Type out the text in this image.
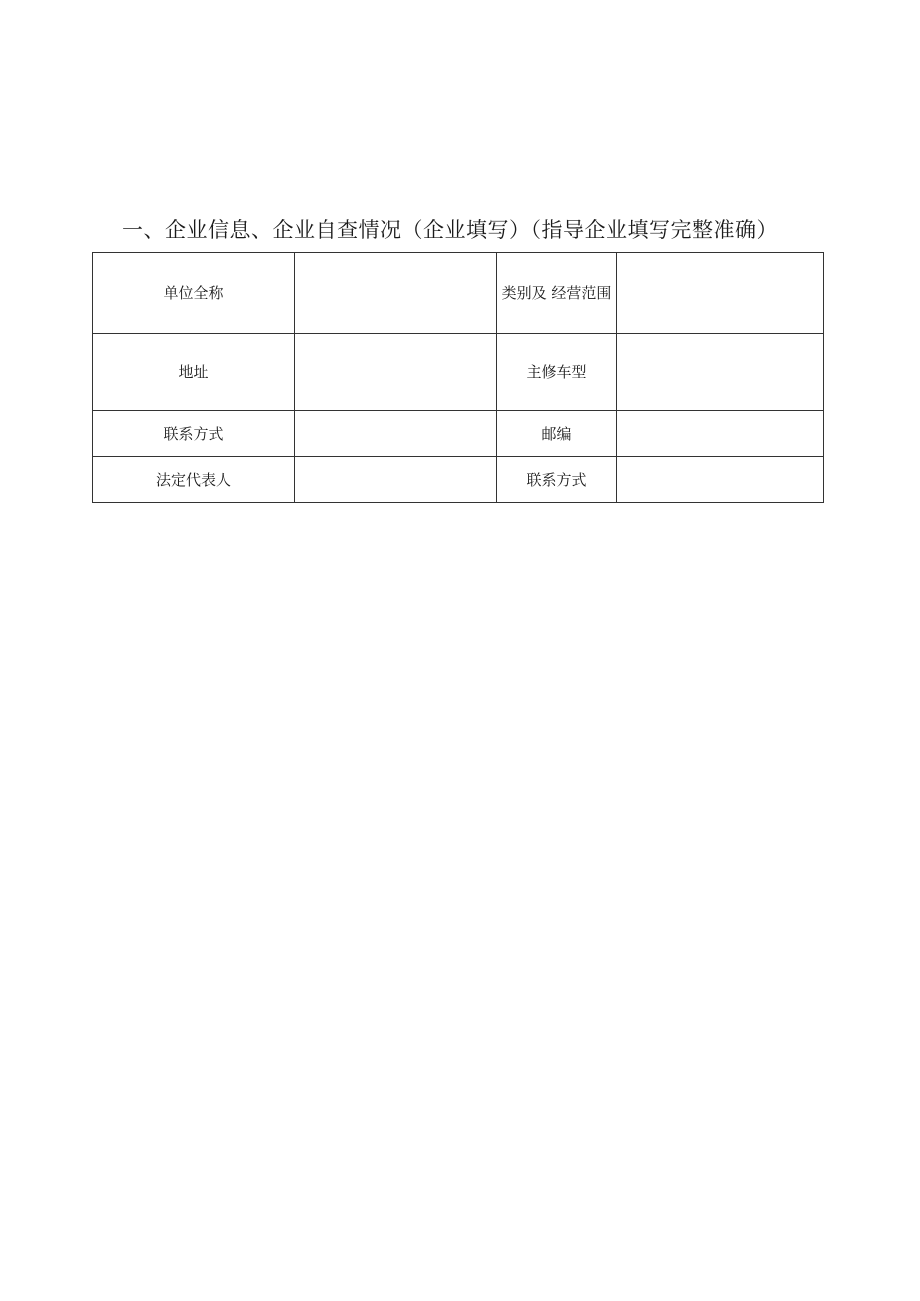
一、企业信息、企业自查情况（企业填写）（指导企业填写完整准确）
单位全称		类别及 经营范围	
地址		主修车型	
联系方式		邮编	
法定代表人		联系方式	
